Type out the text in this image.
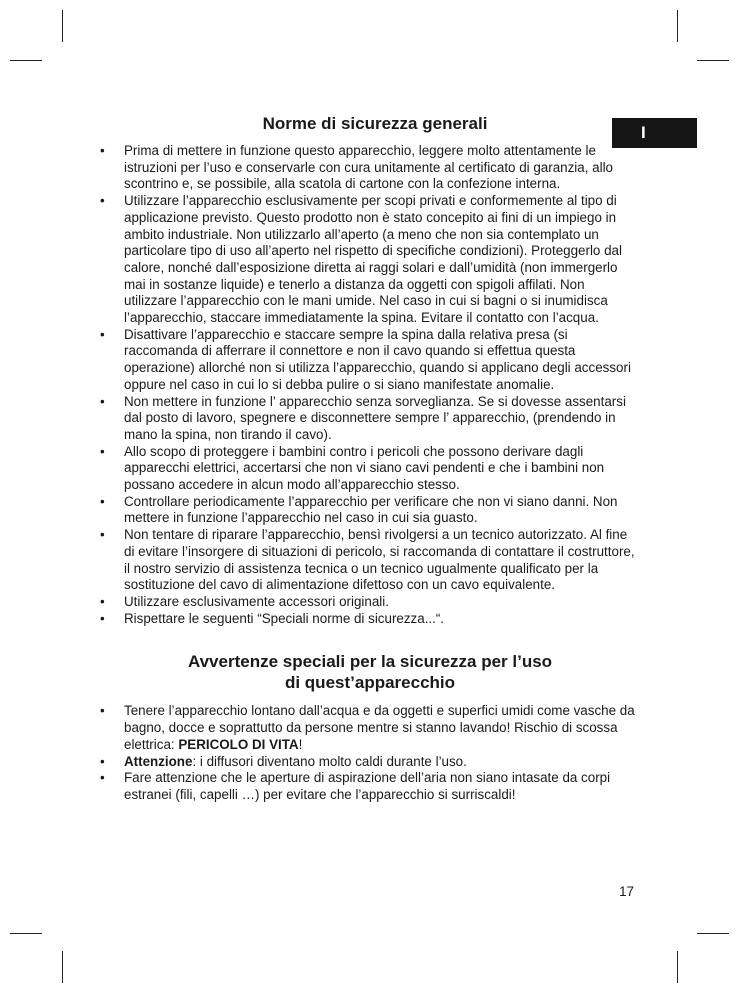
I
Norme di sicurezza generali
•	Prima di mettere in funzione questo apparecchio, leggere molto attentamente le istruzioni per l’uso e conservarle con cura unitamente al certificato di garanzia, allo scontrino e, se possibile, alla scatola di cartone con la confezione interna.
•	Utilizzare l’apparecchio esclusivamente per scopi privati e conformemente al tipo di applicazione previsto. Questo prodotto non è stato concepito ai fini di un impiego in ambito industriale. Non utilizzarlo all’aperto (a meno che non sia contemplato un particolare tipo di uso all’aperto nel rispetto di specifiche condizioni). Proteggerlo dal calore, nonché dall’esposizione diretta ai raggi solari e dall’umidità (non immergerlo mai in sostanze liquide) e tenerlo a distanza da oggetti con spigoli affilati. Non utilizzare l’apparecchio con le mani umide. Nel caso in cui si bagni o si inumidisca l’apparecchio, staccare immediatamente la spina. Evitare il contatto con l’acqua.
•	Disattivare l’apparecchio e staccare sempre la spina dalla relativa presa (si raccomanda di afferrare il connettore e non il cavo quando si effettua questa operazione) allorché non si utilizza l’apparecchio, quando si applicano degli accessori oppure nel caso in cui lo si debba pulire o si siano manifestate anomalie.
•	Non mettere in funzione l’ apparecchio senza sorveglianza. Se si dovesse assentarsi dal posto di lavoro, spegnere e disconnettere sempre l’ apparecchio, (prendendo in mano la spina, non tirando il cavo).
•	Allo scopo di proteggere i bambini contro i pericoli che possono derivare dagli apparecchi elettrici, accertarsi che non vi siano cavi pendenti e che i bambini non possano accedere in alcun modo all’apparecchio stesso.
•	Controllare periodicamente l’apparecchio per verificare che non vi siano danni. Non mettere in funzione l’apparecchio nel caso in cui sia guasto.
•	Non tentare di riparare l’apparecchio, bensì rivolgersi a un tecnico autorizzato. Al fine di evitare l’insorgere di situazioni di pericolo, si raccomanda di contattare il costruttore, il nostro servizio di assistenza tecnica o un tecnico ugualmente qualificato per la sostituzione del cavo di alimentazione difettoso con un cavo equivalente.
•	Utilizzare esclusivamente accessori originali.
•	Rispettare le seguenti “Speciali norme di sicurezza...“.
Avvertenze speciali per la sicurezza per l’uso
di quest’apparecchio
•	Tenere l’apparecchio lontano dall’acqua e da oggetti e superfici umidi come vasche da bagno, docce e soprattutto da persone mentre si stanno lavando! Rischio di scossa elettrica: PERICOLO DI VITA!
•	Attenzione: i diffusori diventano molto caldi durante l’uso.
•	Fare attenzione che le aperture di aspirazione dell’aria non siano intasate da corpi estranei (fili, capelli …) per evitare che l’apparecchio si surriscaldi!
17
